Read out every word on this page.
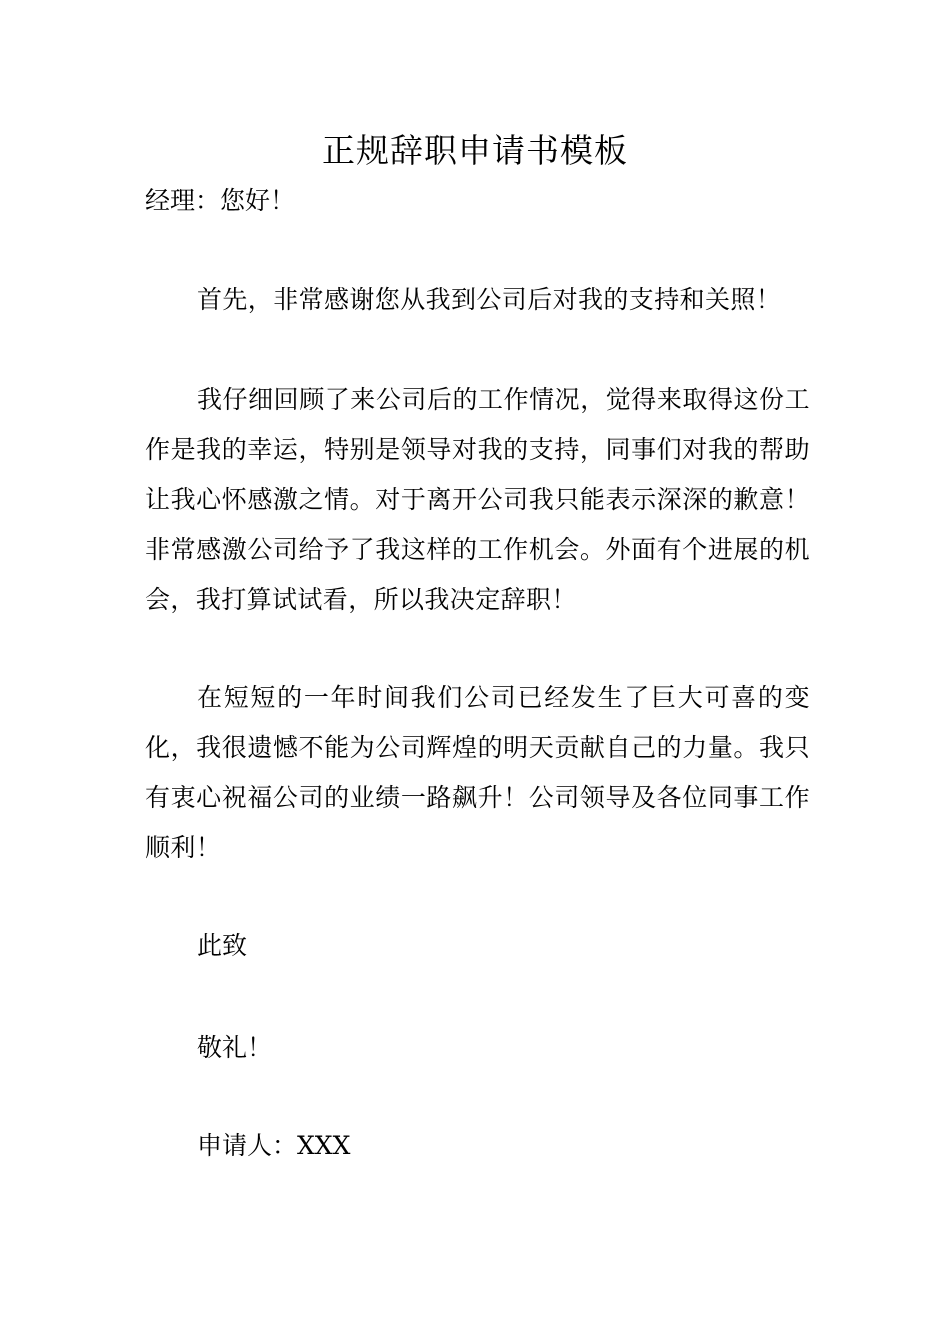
正规辞职申请书模板

经理：您好！

首先，非常感谢您从我到公司后对我的支持和关照！

我仔细回顾了来公司后的工作情况，觉得来取得这份工作是我的幸运，特别是领导对我的支持，同事们对我的帮助让我心怀感激之情。对于离开公司我只能表示深深的歉意！非常感激公司给予了我这样的工作机会。外面有个进展的机会，我打算试试看，所以我决定辞职！

在短短的一年时间我们公司已经发生了巨大可喜的变化，我很遗憾不能为公司辉煌的明天贡献自己的力量。我只有衷心祝福公司的业绩一路飙升！公司领导及各位同事工作顺利！

此致

敬礼！

申请人：XXX
